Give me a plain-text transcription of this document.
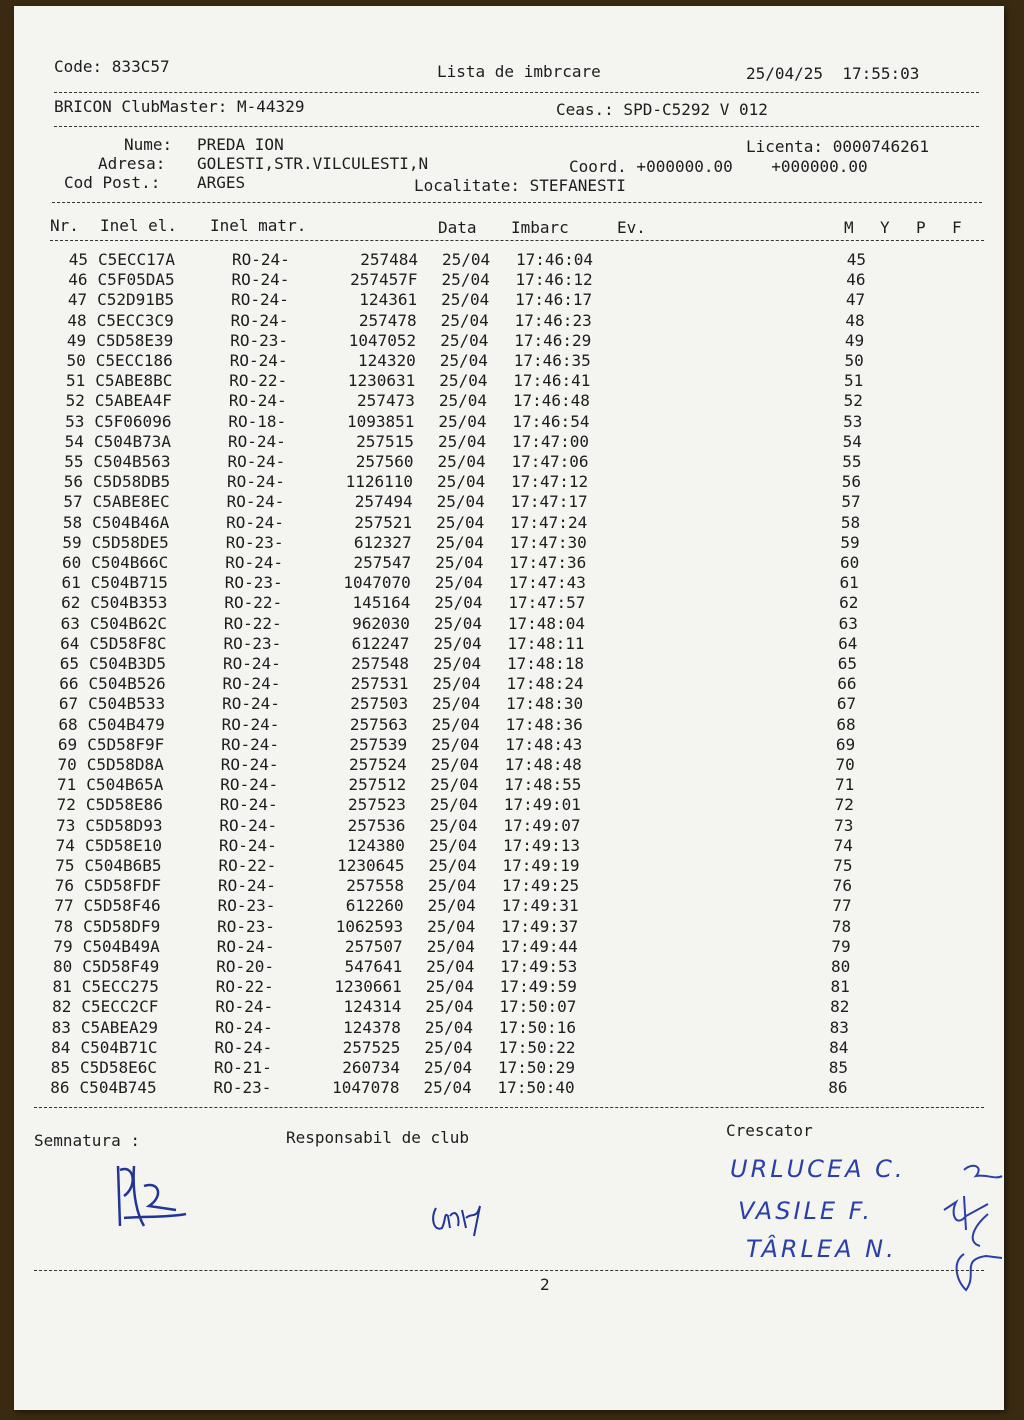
Code: 833C57	Lista de imbrcare	25/04/25  17:55:03
BRICON ClubMaster: M-44329	Ceas.: SPD-C5292 V 012
Nume: PREDA ION	Licenta: 0000746261
Adresa: GOLESTI,STR.VILCULESTI,N	Coord. +000000.00    +000000.00
Cod Post.: ARGES	Localitate: STEFANESTI
Nr. Inel el. Inel matr.	Data Imbarc	Ev.	M Y P F
45 C5ECC17A	RO-24-	257484 25/04 17:46:04	45
46 C5F05DA5	RO-24-	257457F 25/04 17:46:12	46
47 C52D91B5	RO-24-	124361 25/04 17:46:17	47
48 C5ECC3C9	RO-24-	257478 25/04 17:46:23	48
49 C5D58E39	RO-23-	1047052 25/04 17:46:29	49
50 C5ECC186	RO-24-	124320 25/04 17:46:35	50
51 C5ABE8BC	RO-22-	1230631 25/04 17:46:41	51
52 C5ABEA4F	RO-24-	257473 25/04 17:46:48	52
53 C5F06096	RO-18-	1093851 25/04 17:46:54	53
54 C504B73A	RO-24-	257515 25/04 17:47:00	54
55 C504B563	RO-24-	257560 25/04 17:47:06	55
56 C5D58DB5	RO-24-	1126110 25/04 17:47:12	56
57 C5ABE8EC	RO-24-	257494 25/04 17:47:17	57
58 C504B46A	RO-24-	257521 25/04 17:47:24	58
59 C5D58DE5	RO-23-	612327 25/04 17:47:30	59
60 C504B66C	RO-24-	257547 25/04 17:47:36	60
61 C504B715	RO-23-	1047070 25/04 17:47:43	61
62 C504B353	RO-22-	145164 25/04 17:47:57	62
63 C504B62C	RO-22-	962030 25/04 17:48:04	63
64 C5D58F8C	RO-23-	612247 25/04 17:48:11	64
65 C504B3D5	RO-24-	257548 25/04 17:48:18	65
66 C504B526	RO-24-	257531 25/04 17:48:24	66
67 C504B533	RO-24-	257503 25/04 17:48:30	67
68 C504B479	RO-24-	257563 25/04 17:48:36	68
69 C5D58F9F	RO-24-	257539 25/04 17:48:43	69
70 C5D58D8A	RO-24-	257524 25/04 17:48:48	70
71 C504B65A	RO-24-	257512 25/04 17:48:55	71
72 C5D58E86	RO-24-	257523 25/04 17:49:01	72
73 C5D58D93	RO-24-	257536 25/04 17:49:07	73
74 C5D58E10	RO-24-	124380 25/04 17:49:13	74
75 C504B6B5	RO-22-	1230645 25/04 17:49:19	75
76 C5D58FDF	RO-24-	257558 25/04 17:49:25	76
77 C5D58F46	RO-23-	612260 25/04 17:49:31	77
78 C5D58DF9	RO-23-	1062593 25/04 17:49:37	78
79 C504B49A	RO-24-	257507 25/04 17:49:44	79
80 C5D58F49	RO-20-	547641 25/04 17:49:53	80
81 C5ECC275	RO-22-	1230661 25/04 17:49:59	81
82 C5ECC2CF	RO-24-	124314 25/04 17:50:07	82
83 C5ABEA29	RO-24-	124378 25/04 17:50:16	83
84 C504B71C	RO-24-	257525 25/04 17:50:22	84
85 C5D58E6C	RO-21-	260734 25/04 17:50:29	85
86 C504B745	RO-23-	1047078 25/04 17:50:40	86
Semnatura :	Responsabil de club	Crescator
URLUCEA C.
VASILE F.
TÂRLEA N.
2
